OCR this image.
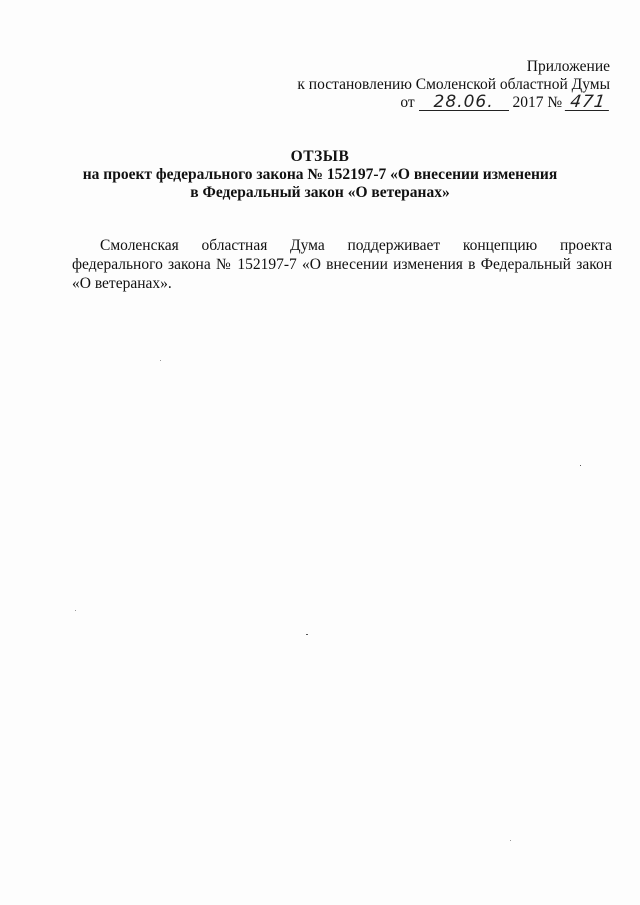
Приложение
к постановлению Смоленской областной Думы
от 28.06. 2017 № 471
ОТЗЫВ
на проект федерального закона № 152197-7 «О внесении изменения
в Федеральный закон «О ветеранах»
Смоленская областная Дума поддерживает концепцию проекта федерального закона № 152197-7 «О внесении изменения в Федеральный закон «О ветеранах».
